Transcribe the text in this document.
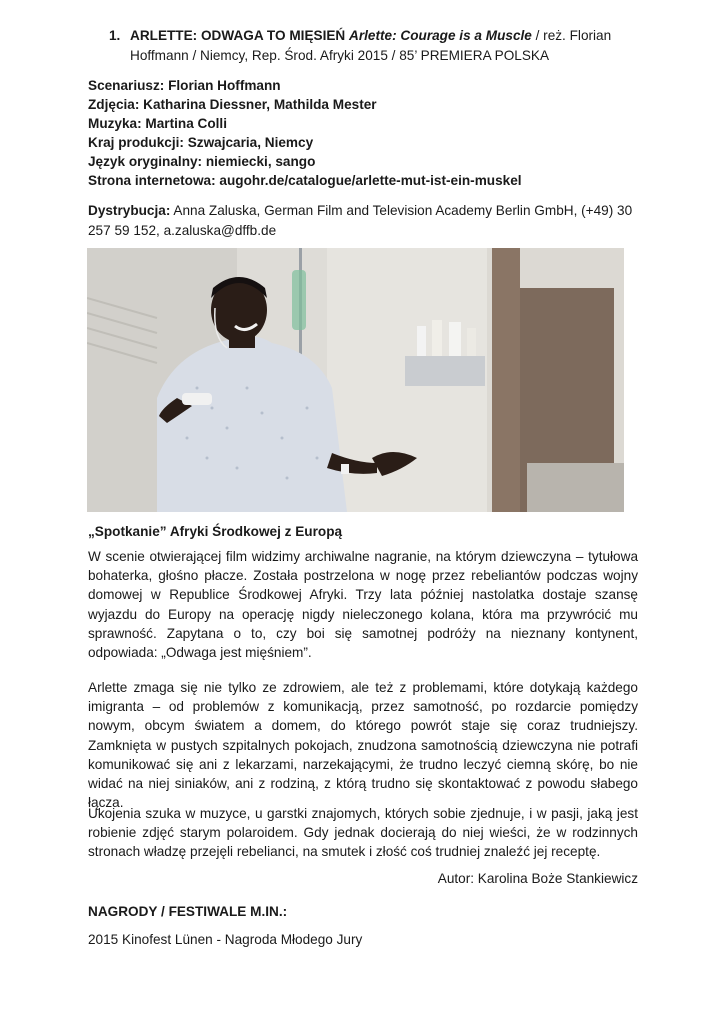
1. ARLETTE: ODWAGA TO MIĘSIEŃ Arlette: Courage is a Muscle / reż. Florian
Hoffmann / Niemcy, Rep. Środ. Afryki 2015 / 85’ PREMIERA POLSKA
Scenariusz: Florian Hoffmann
Zdjęcia: Katharina Diessner, Mathilda Mester
Muzyka: Martina Colli
Kraj produkcji: Szwajcaria, Niemcy
Język oryginalny: niemiecki, sango
Strona internetowa: augohr.de/catalogue/arlette-mut-ist-ein-muskel
Dystrybucja: Anna Zaluska, German Film and Television Academy Berlin GmbH, (+49) 30 257 59 152, a.zaluska@dffb.de
„Spotkanie” Afryki Środkowej z Europą
W scenie otwierającej film widzimy archiwalne nagranie, na którym dziewczyna – tytułowa bohaterka, głośno płacze. Została postrzelona w nogę przez rebeliantów podczas wojny domowej w Republice Środkowej Afryki. Trzy lata później nastolatka dostaje szansę wyjazdu do Europy na operację nigdy nieleczonego kolana, która ma przywrócić mu sprawność. Zapytana o to, czy boi się samotnej podróży na nieznany kontynent, odpowiada: „Odwaga jest mięśniem”.
Arlette zmaga się nie tylko ze zdrowiem, ale też z problemami, które dotykają każdego imigranta – od problemów z komunikacją, przez samotność, po rozdarcie pomiędzy nowym, obcym światem a domem, do którego powrót staje się coraz trudniejszy. Zamknięta w pustych szpitalnych pokojach, znudzona samotnością dziewczyna nie potrafi komunikować się ani z lekarzami, narzekającymi, że trudno leczyć ciemną skórę, bo nie widać na niej siniaków, ani z rodziną, z którą trudno się skontaktować z powodu słabego łącza.
Ukojenia szuka w muzyce, u garstki znajomych, których sobie zjednuje, i w pasji, jaką jest robienie zdjęć starym polaroidem. Gdy jednak docierają do niej wieści, że w rodzinnych stronach władzę przejęli rebelianci, na smutek i złość coś trudniej znaleźć jej receptę.
Autor: Karolina Boże Stankiewicz
NAGRODY / FESTIWALE M.IN.:
2015 Kinofest Lünen - Nagroda Młodego Jury
